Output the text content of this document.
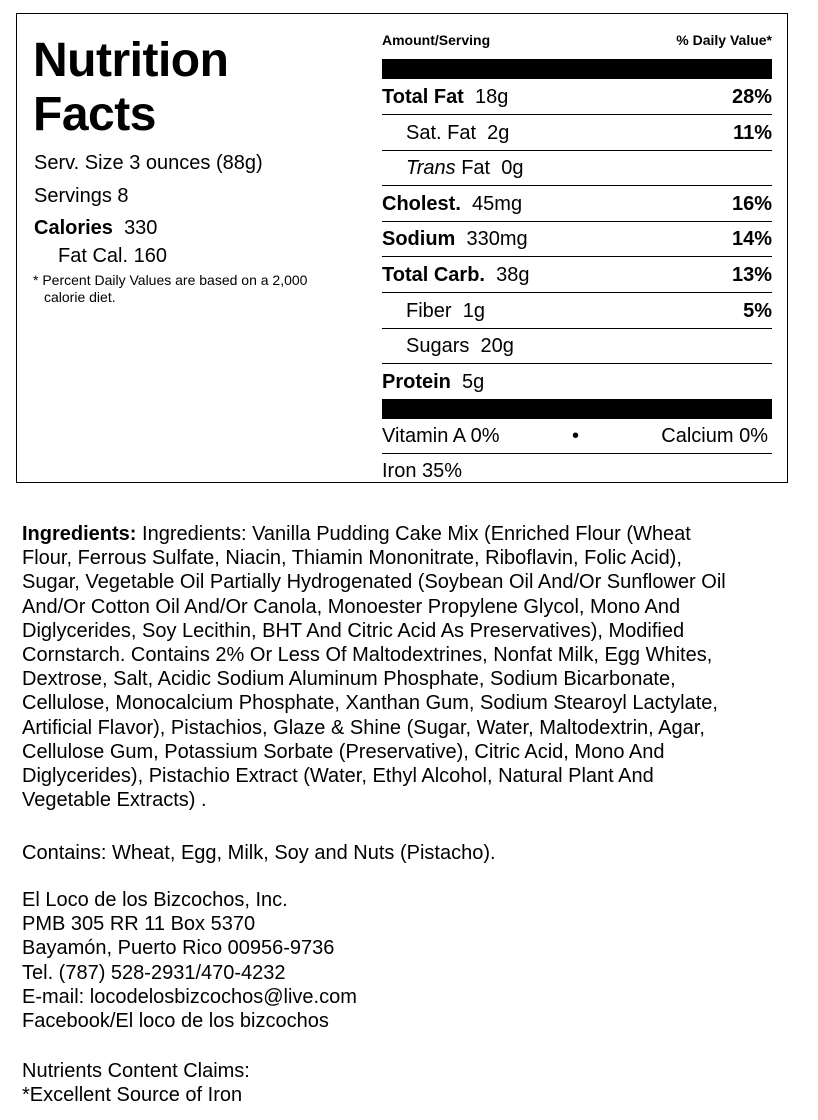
Nutrition
Facts
Serv. Size 3 ounces (88g)
Servings 8
Calories 330
Fat Cal. 160
* Percent Daily Values are based on a 2,000
calorie diet.
Amount/Serving	% Daily Value*
Total Fat 18g	28%
Sat. Fat 2g	11%
Trans Fat 0g
Cholest. 45mg	16%
Sodium 330mg	14%
Total Carb. 38g	13%
Fiber 1g	5%
Sugars 20g
Protein 5g
Vitamin A 0%	•	Calcium 0%
Iron 35%
Ingredients: Ingredients: Vanilla Pudding Cake Mix (Enriched Flour (Wheat
Flour, Ferrous Sulfate, Niacin, Thiamin Mononitrate, Riboflavin, Folic Acid),
Sugar, Vegetable Oil Partially Hydrogenated (Soybean Oil And/Or Sunflower Oil
And/Or Cotton Oil And/Or Canola, Monoester Propylene Glycol, Mono And
Diglycerides, Soy Lecithin, BHT And Citric Acid As Preservatives), Modified
Cornstarch. Contains 2% Or Less Of Maltodextrines, Nonfat Milk, Egg Whites,
Dextrose, Salt, Acidic Sodium Aluminum Phosphate, Sodium Bicarbonate,
Cellulose, Monocalcium Phosphate, Xanthan Gum, Sodium Stearoyl Lactylate,
Artificial Flavor), Pistachios, Glaze & Shine (Sugar, Water, Maltodextrin, Agar,
Cellulose Gum, Potassium Sorbate (Preservative), Citric Acid, Mono And
Diglycerides), Pistachio Extract (Water, Ethyl Alcohol, Natural Plant And
Vegetable Extracts) .
Contains: Wheat, Egg, Milk, Soy and Nuts (Pistacho).
El Loco de los Bizcochos, Inc.
PMB 305 RR 11 Box 5370
Bayamón, Puerto Rico 00956-9736
Tel. (787) 528-2931/470-4232
E-mail: locodelosbizcochos@live.com
Facebook/El loco de los bizcochos
Nutrients Content Claims:
*Excellent Source of Iron
